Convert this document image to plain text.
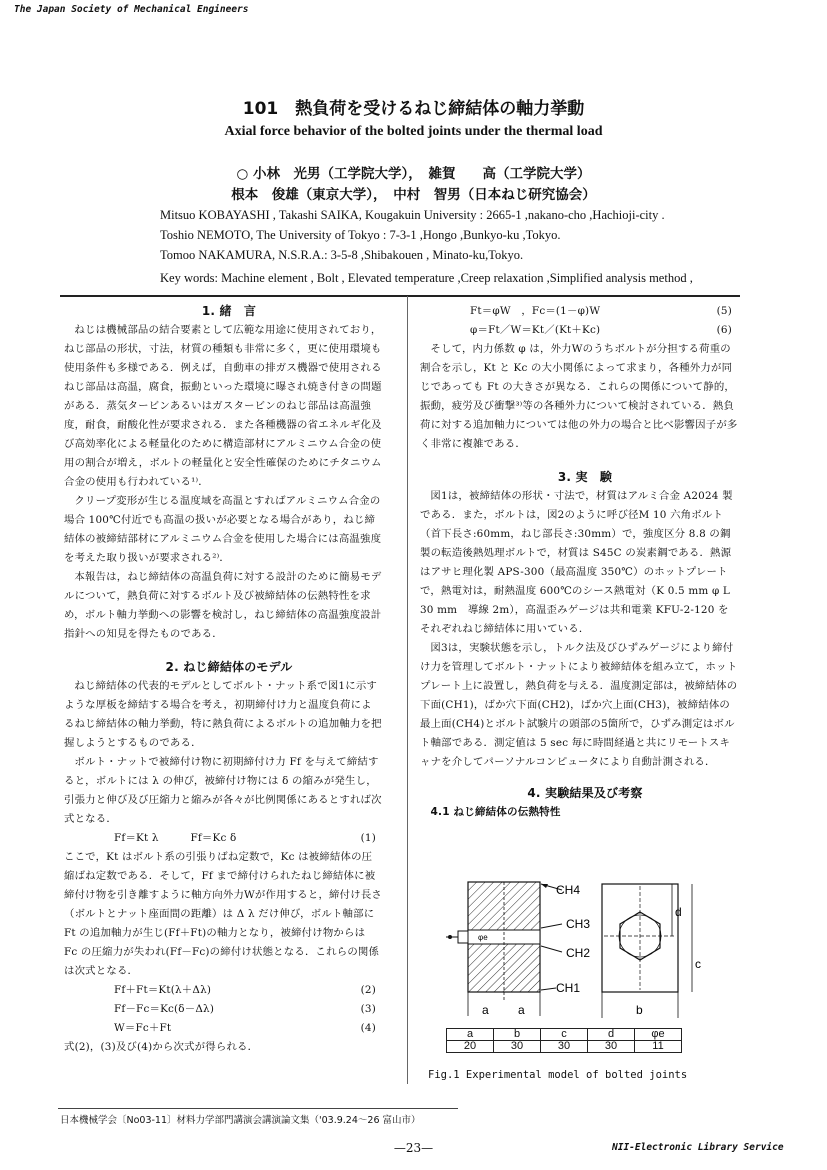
The Japan Society of Mechanical Engineers
101　熱負荷を受けるねじ締結体の軸力挙動
Axial force behavior of the bolted joints under the thermal load
○ 小林　光男（工学院大学），　雑賀　　高（工学院大学）
根本　俊雄（東京大学），　中村　智男（日本ねじ研究協会）
Mitsuo KOBAYASHI , Takashi SAIKA, Kougakuin University : 2665-1 ,nakano-cho ,Hachioji-city .
Toshio NEMOTO, The University of Tokyo : 7-3-1 ,Hongo ,Bunkyo-ku ,Tokyo.
Tomoo NAKAMURA, N.S.R.A.: 3-5-8 ,Shibakouen , Minato-ku,Tokyo.
Key words: Machine element , Bolt , Elevated temperature ,Creep relaxation ,Simplified analysis method ,

1. 緒　言

ねじは機械部品の結合要素として広範な用途に使用されており，ねじ部品の形状，寸法，材質の種類も非常に多く，更に使用環境も使用条件も多様である．例えば，自動車の排ガス機器で使用されるねじ部品は高温，腐食，振動といった環境に曝され焼き付きの問題がある．蒸気タービンあるいはガスタービンのねじ部品は高温強度，耐食，耐酸化性が要求される．また各種機器の省エネルギ化及び高効率化による軽量化のために構造部材にアルミニウム合金の使用の割合が増え，ボルトの軽量化と安全性確保のためにチタニウム合金の使用も行われている¹⁾．

クリープ変形が生じる温度域を高温とすればアルミニウム合金の場合 100℃付近でも高温の扱いが必要となる場合があり，ねじ締結体の被締結部材にアルミニウム合金を使用した場合には高温強度を考えた取り扱いが要求される²⁾．

本報告は，ねじ締結体の高温負荷に対する設計のために簡易モデルについて，熱負荷に対するボルト及び被締結体の伝熱特性を求め，ボルト軸力挙動への影響を検討し，ねじ締結体の高温強度設計指針への知見を得たものである．

2. ねじ締結体のモデル

ねじ締結体の代表的モデルとしてボルト・ナット系で図1に示すような厚板を締結する場合を考え，初期締付け力と温度負荷によるねじ締結体の軸力挙動，特に熱負荷によるボルトの追加軸力を把握しようとするものである．

ボルト・ナットで被締付け物に初期締付け力 Ff を与えて締結すると，ボルトには λ の伸び，被締付け物には δ の縮みが発生し，引張力と伸び及び圧縮力と縮みが各々が比例関係にあるとすれば次式となる．

Ff＝Kt λ　　　Ff＝Kc δ	(1)

ここで，Kt はボルト系の引張りばね定数で，Kc は被締結体の圧縮ばね定数である．そして，Ff まで締付けられたねじ締結体に被締付け物を引き離すように軸方向外力Wが作用すると，締付け長さ（ボルトとナット座面間の距離）は Δ λ だけ伸び，ボルト軸部に Ft の追加軸力が生じ(Ff＋Ft)の軸力となり，被締付け物からは Fc の圧縮力が失われ(Ff－Fc)の締付け状態となる．これらの関係は次式となる．

Ff＋Ft＝Kt(λ＋Δλ)	(2)
Ff－Fc＝Kc(δ－Δλ)	(3)
W＝Fc＋Ft	(4)

式(2)，(3)及び(4)から次式が得られる．

Ft＝φW　，Fc＝(1－φ)W	(5)
φ＝Ft／W＝Kt／(Kt＋Kc)	(6)

そして，内力係数 φ は，外力Wのうちボルトが分担する荷重の割合を示し，Kt と Kc の大小関係によって求まり，各種外力が同じであっても Ft の大きさが異なる．これらの関係について静的，振動，疲労及び衝撃³⁾等の各種外力について検討されている．熱負荷に対する追加軸力については他の外力の場合と比べ影響因子が多く非常に複雑である．

3. 実　験

図1は，被締結体の形状・寸法で，材質はアルミ合金 A2024 製である．また，ボルトは，図2のように呼び径M 10 六角ボルト（首下長さ:60mm，ねじ部長さ:30mm）で，強度区分 8.8 の鋼製の転造後熱処理ボルトで，材質は S45C の炭素鋼である．熱源はアサヒ理化製 APS-300（最高温度 350℃）のホットプレートで，熱電対は，耐熱温度 600℃のシース熱電対（K 0.5 mm φ L 30 mm　導線 2m），高温歪みゲージは共和電業 KFU-2-120 をそれぞれねじ締結体に用いている．

図3は，実験状態を示し，トルク法及びひずみゲージにより締付け力を管理してボルト・ナットにより被締結体を組み立て，ホットプレート上に設置し，熱負荷を与える．温度測定部は，被締結体の下面(CH1)，ばか穴下面(CH2)，ばか穴上面(CH3)，被締結体の最上面(CH4)とボルト試験片の頭部の5箇所で，ひずみ測定はボルト軸部である．測定値は 5 sec 毎に時間経過と共にリモートスキャナを介してパーソナルコンピュータにより自動計測される．

4. 実験結果及び考察

4.1 ねじ締結体の伝熱特性

φe
CH4
CH3
CH2
CH1
a a
c
d
b
a	b	c	d	φe
20	30	30	30	11
Fig.1 Experimental model of bolted joints
日本機械学会〔No03-11〕材料力学部門講演会講演論文集（'03.9.24〜26 富山市）
—23—	NII-Electronic Library Service
